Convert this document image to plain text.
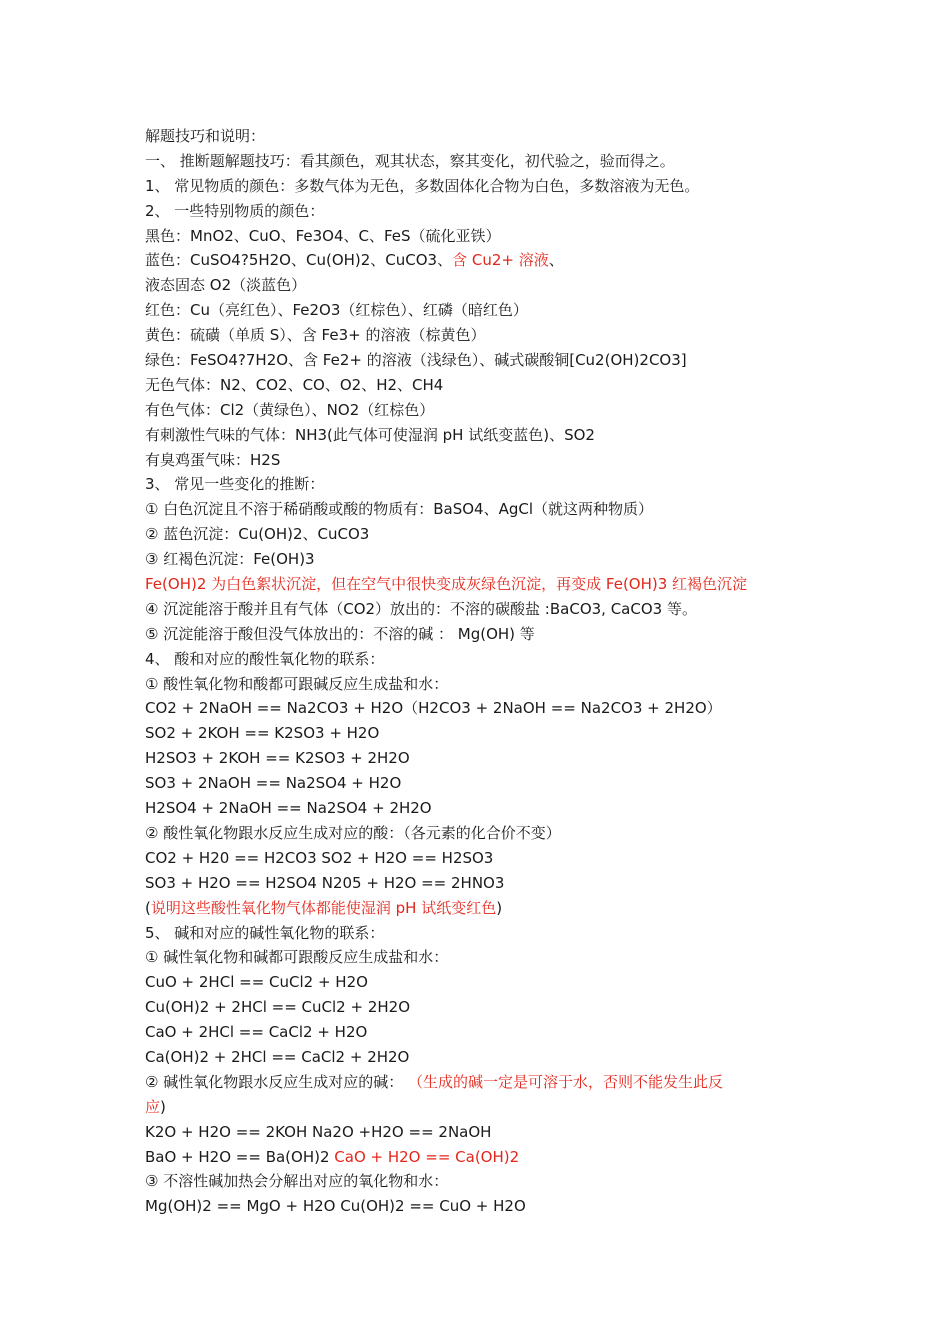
解题技巧和说明：
一、 推断题解题技巧：看其颜色，观其状态，察其变化，初代验之，验而得之。
1、 常见物质的颜色：多数气体为无色，多数固体化合物为白色，多数溶液为无色。
2、 一些特别物质的颜色：
黑色：MnO2、CuO、Fe3O4、C、FeS（硫化亚铁）
蓝色：CuSO4?5H2O、Cu(OH)2、CuCO3、含 Cu2+ 溶液、
液态固态 O2（淡蓝色）
红色：Cu（亮红色）、Fe2O3（红棕色）、红磷（暗红色）
黄色：硫磺（单质 S）、含 Fe3+ 的溶液（棕黄色）
绿色：FeSO4?7H2O、含 Fe2+ 的溶液（浅绿色）、碱式碳酸铜[Cu2(OH)2CO3]
无色气体：N2、CO2、CO、O2、H2、CH4
有色气体：Cl2（黄绿色）、NO2（红棕色）
有刺激性气味的气体：NH3(此气体可使湿润 pH 试纸变蓝色)、SO2
有臭鸡蛋气味：H2S
3、 常见一些变化的推断：
① 白色沉淀且不溶于稀硝酸或酸的物质有：BaSO4、AgCl（就这两种物质）
② 蓝色沉淀：Cu(OH)2、CuCO3
③ 红褐色沉淀：Fe(OH)3
Fe(OH)2 为白色絮状沉淀，但在空气中很快变成灰绿色沉淀，再变成 Fe(OH)3 红褐色沉淀
④ 沉淀能溶于酸并且有气体（CO2）放出的：不溶的碳酸盐 :BaCO3, CaCO3 等。
⑤ 沉淀能溶于酸但没气体放出的：不溶的碱 ： Mg(OH) 等
4、 酸和对应的酸性氧化物的联系：
① 酸性氧化物和酸都可跟碱反应生成盐和水：
CO2 + 2NaOH == Na2CO3 + H2O（H2CO3 + 2NaOH == Na2CO3 + 2H2O）
SO2 + 2KOH == K2SO3 + H2O
H2SO3 + 2KOH == K2SO3 + 2H2O
SO3 + 2NaOH == Na2SO4 + H2O
H2SO4 + 2NaOH == Na2SO4 + 2H2O
② 酸性氧化物跟水反应生成对应的酸：（各元素的化合价不变）
CO2 + H20 == H2CO3 SO2 + H2O == H2SO3
SO3 + H2O == H2SO4 N205 + H2O == 2HNO3
(说明这些酸性氧化物气体都能使湿润 pH 试纸变红色)
5、 碱和对应的碱性氧化物的联系：
① 碱性氧化物和碱都可跟酸反应生成盐和水：
CuO + 2HCl == CuCl2 + H2O
Cu(OH)2 + 2HCl == CuCl2 + 2H2O
CaO + 2HCl == CaCl2 + H2O
Ca(OH)2 + 2HCl == CaCl2 + 2H2O
② 碱性氧化物跟水反应生成对应的碱： （生成的碱一定是可溶于水，否则不能发生此反
应)
K2O + H2O == 2KOH Na2O +H2O == 2NaOH
BaO + H2O == Ba(OH)2 CaO + H2O == Ca(OH)2
③ 不溶性碱加热会分解出对应的氧化物和水：
Mg(OH)2 == MgO + H2O Cu(OH)2 == CuO + H2O
